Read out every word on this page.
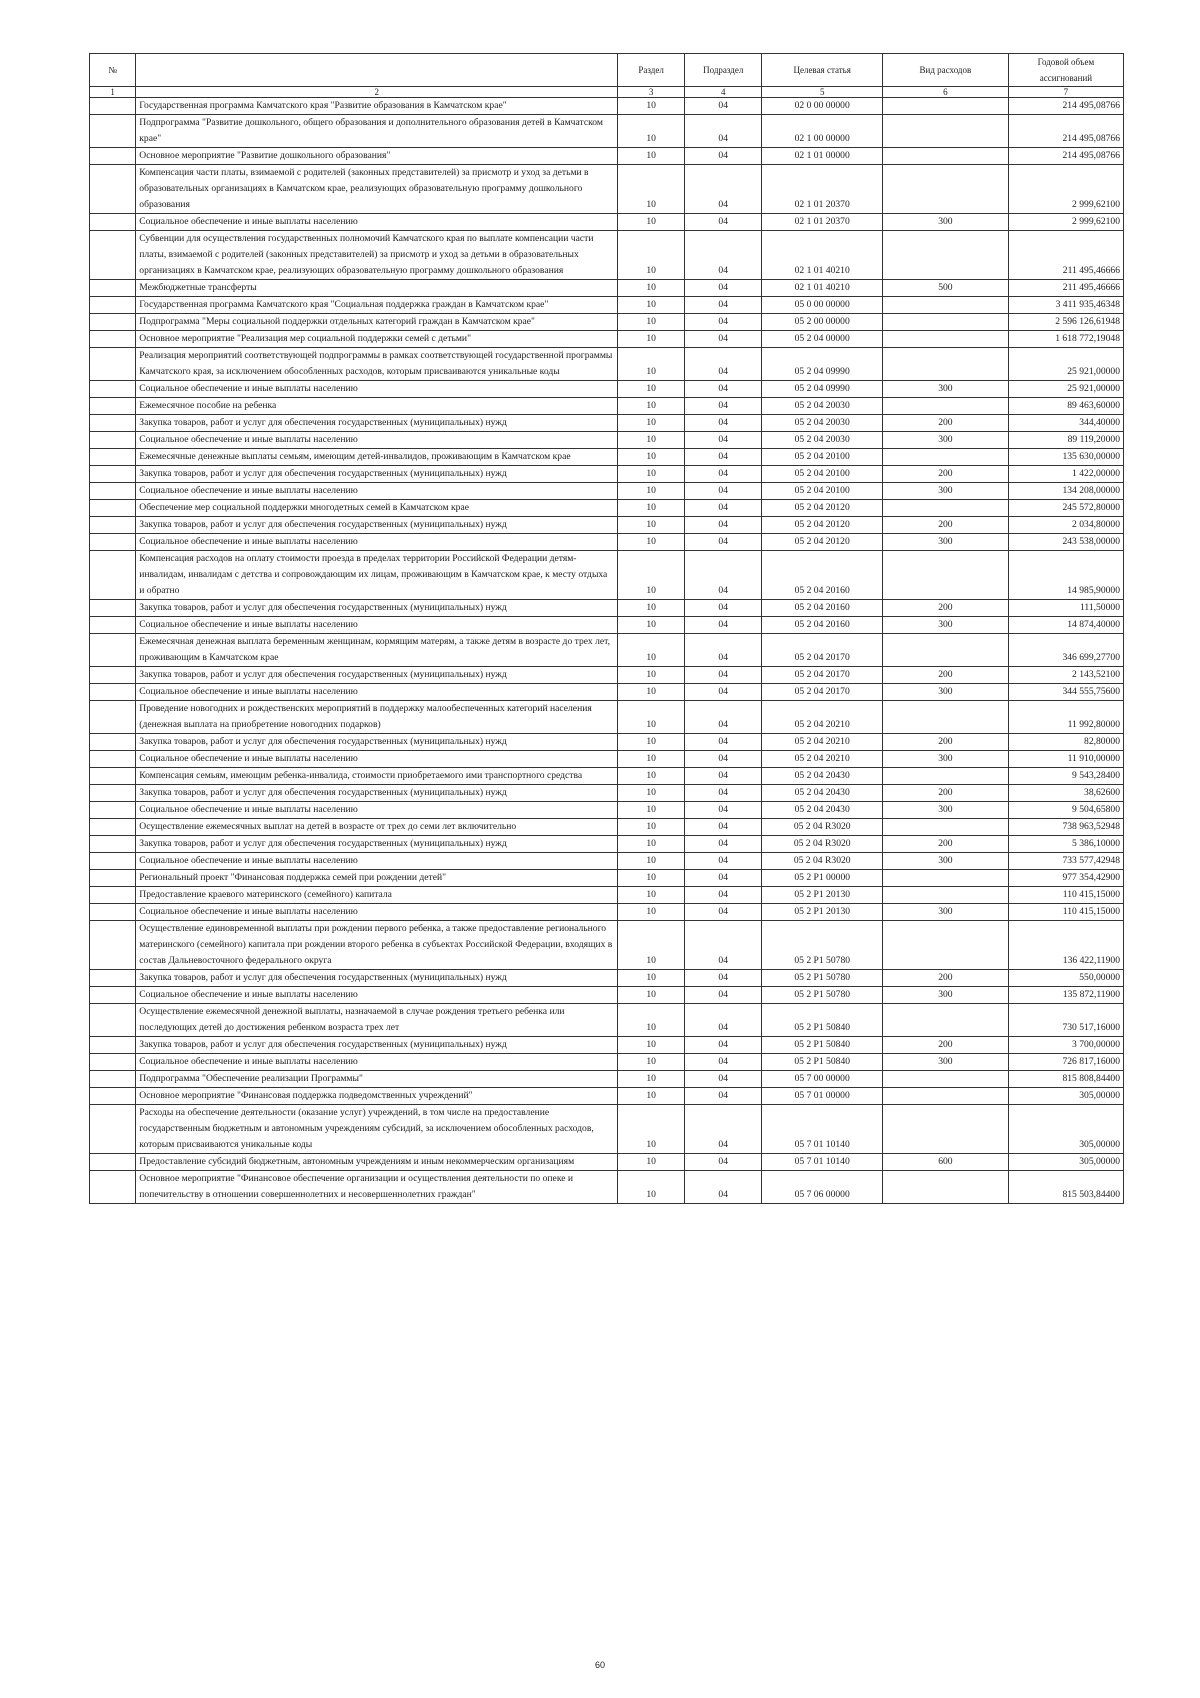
№		Раздел	Подраздел	Целевая статья	Вид расходов	Годовой объем ассигнований
1	2	3	4	5	6	7
	Государственная программа Камчатского края "Развитие образования в Камчатском крае"	10	04	02 0 00 00000		214 495,08766
	Подпрограмма "Развитие дошкольного, общего образования и дополнительного образования детей в Камчатском крае"	10	04	02 1 00 00000		214 495,08766
	Основное мероприятие "Развитие дошкольного образования"	10	04	02 1 01 00000		214 495,08766
	Компенсация части платы, взимаемой с родителей (законных представителей) за присмотр и уход за детьми в образовательных организациях в Камчатском крае, реализующих образовательную программу дошкольного образования	10	04	02 1 01 20370		2 999,62100
	Социальное обеспечение и иные выплаты населению	10	04	02 1 01 20370	300	2 999,62100
	Субвенции для осуществления государственных полномочий Камчатского края по выплате компенсации части платы, взимаемой с родителей (законных представителей) за присмотр и уход за детьми в образовательных организациях в Камчатском крае, реализующих образовательную программу дошкольного образования	10	04	02 1 01 40210		211 495,46666
	Межбюджетные трансферты	10	04	02 1 01 40210	500	211 495,46666
	Государственная программа Камчатского края "Социальная поддержка граждан в Камчатском крае"	10	04	05 0 00 00000		3 411 935,46348
	Подпрограмма "Меры социальной поддержки отдельных категорий граждан в Камчатском крае"	10	04	05 2 00 00000		2 596 126,61948
	Основное мероприятие "Реализация мер социальной поддержки семей с детьми"	10	04	05 2 04 00000		1 618 772,19048
	Реализация мероприятий соответствующей подпрограммы в рамках соответствующей государственной программы Камчатского края, за исключением обособленных расходов, которым присваиваются уникальные коды	10	04	05 2 04 09990		25 921,00000
	Социальное обеспечение и иные выплаты населению	10	04	05 2 04 09990	300	25 921,00000
	Ежемесячное пособие на ребенка	10	04	05 2 04 20030		89 463,60000
	Закупка товаров, работ и услуг для обеспечения государственных (муниципальных) нужд	10	04	05 2 04 20030	200	344,40000
	Социальное обеспечение и иные выплаты населению	10	04	05 2 04 20030	300	89 119,20000
	Ежемесячные денежные выплаты семьям, имеющим детей-инвалидов, проживающим в Камчатском крае	10	04	05 2 04 20100		135 630,00000
	Закупка товаров, работ и услуг для обеспечения государственных (муниципальных) нужд	10	04	05 2 04 20100	200	1 422,00000
	Социальное обеспечение и иные выплаты населению	10	04	05 2 04 20100	300	134 208,00000
	Обеспечение мер социальной поддержки многодетных семей в Камчатском крае	10	04	05 2 04 20120		245 572,80000
	Закупка товаров, работ и услуг для обеспечения государственных (муниципальных) нужд	10	04	05 2 04 20120	200	2 034,80000
	Социальное обеспечение и иные выплаты населению	10	04	05 2 04 20120	300	243 538,00000
	Компенсация расходов на оплату стоимости проезда в пределах территории Российской Федерации детям-инвалидам, инвалидам с детства и сопровождающим их лицам, проживающим в Камчатском крае, к месту отдыха и обратно	10	04	05 2 04 20160		14 985,90000
	Закупка товаров, работ и услуг для обеспечения государственных (муниципальных) нужд	10	04	05 2 04 20160	200	111,50000
	Социальное обеспечение и иные выплаты населению	10	04	05 2 04 20160	300	14 874,40000
	Ежемесячная денежная выплата беременным женщинам, кормящим матерям, а также детям в возрасте до трех лет, проживающим в Камчатском крае	10	04	05 2 04 20170		346 699,27700
	Закупка товаров, работ и услуг для обеспечения государственных (муниципальных) нужд	10	04	05 2 04 20170	200	2 143,52100
	Социальное обеспечение и иные выплаты населению	10	04	05 2 04 20170	300	344 555,75600
	Проведение новогодних и рождественских мероприятий в поддержку малообеспеченных категорий населения (денежная выплата на приобретение новогодних подарков)	10	04	05 2 04 20210		11 992,80000
	Закупка товаров, работ и услуг для обеспечения государственных (муниципальных) нужд	10	04	05 2 04 20210	200	82,80000
	Социальное обеспечение и иные выплаты населению	10	04	05 2 04 20210	300	11 910,00000
	Компенсация семьям, имеющим ребенка-инвалида, стоимости приобретаемого ими транспортного средства	10	04	05 2 04 20430		9 543,28400
	Закупка товаров, работ и услуг для обеспечения государственных (муниципальных) нужд	10	04	05 2 04 20430	200	38,62600
	Социальное обеспечение и иные выплаты населению	10	04	05 2 04 20430	300	9 504,65800
	Осуществление ежемесячных выплат на детей в возрасте от трех до семи лет включительно	10	04	05 2 04 R3020		738 963,52948
	Закупка товаров, работ и услуг для обеспечения государственных (муниципальных) нужд	10	04	05 2 04 R3020	200	5 386,10000
	Социальное обеспечение и иные выплаты населению	10	04	05 2 04 R3020	300	733 577,42948
	Региональный проект "Финансовая поддержка семей при рождении детей"	10	04	05 2 P1 00000		977 354,42900
	Предоставление краевого материнского (семейного) капитала	10	04	05 2 P1 20130		110 415,15000
	Социальное обеспечение и иные выплаты населению	10	04	05 2 P1 20130	300	110 415,15000
	Осуществление единовременной выплаты при рождении первого ребенка, а также предоставление регионального материнского (семейного) капитала при рождении второго ребенка в субъектах Российской Федерации, входящих в состав Дальневосточного федерального округа	10	04	05 2 P1 50780		136 422,11900
	Закупка товаров, работ и услуг для обеспечения государственных (муниципальных) нужд	10	04	05 2 P1 50780	200	550,00000
	Социальное обеспечение и иные выплаты населению	10	04	05 2 P1 50780	300	135 872,11900
	Осуществление ежемесячной денежной выплаты, назначаемой в случае рождения третьего ребенка или последующих детей до достижения ребенком возраста трех лет	10	04	05 2 P1 50840		730 517,16000
	Закупка товаров, работ и услуг для обеспечения государственных (муниципальных) нужд	10	04	05 2 P1 50840	200	3 700,00000
	Социальное обеспечение и иные выплаты населению	10	04	05 2 P1 50840	300	726 817,16000
	Подпрограмма "Обеспечение реализации Программы"	10	04	05 7 00 00000		815 808,84400
	Основное мероприятие "Финансовая поддержка подведомственных учреждений"	10	04	05 7 01 00000		305,00000
	Расходы на обеспечение деятельности (оказание услуг) учреждений, в том числе на предоставление государственным бюджетным и автономным учреждениям субсидий, за исключением обособленных расходов, которым присваиваются уникальные коды	10	04	05 7 01 10140		305,00000
	Предоставление субсидий бюджетным, автономным учреждениям и иным некоммерческим организациям	10	04	05 7 01 10140	600	305,00000
	Основное мероприятие "Финансовое обеспечение организации и осуществления деятельности по опеке и попечительству в отношении совершеннолетних и несовершеннолетних граждан"	10	04	05 7 06 00000		815 503,84400
60
